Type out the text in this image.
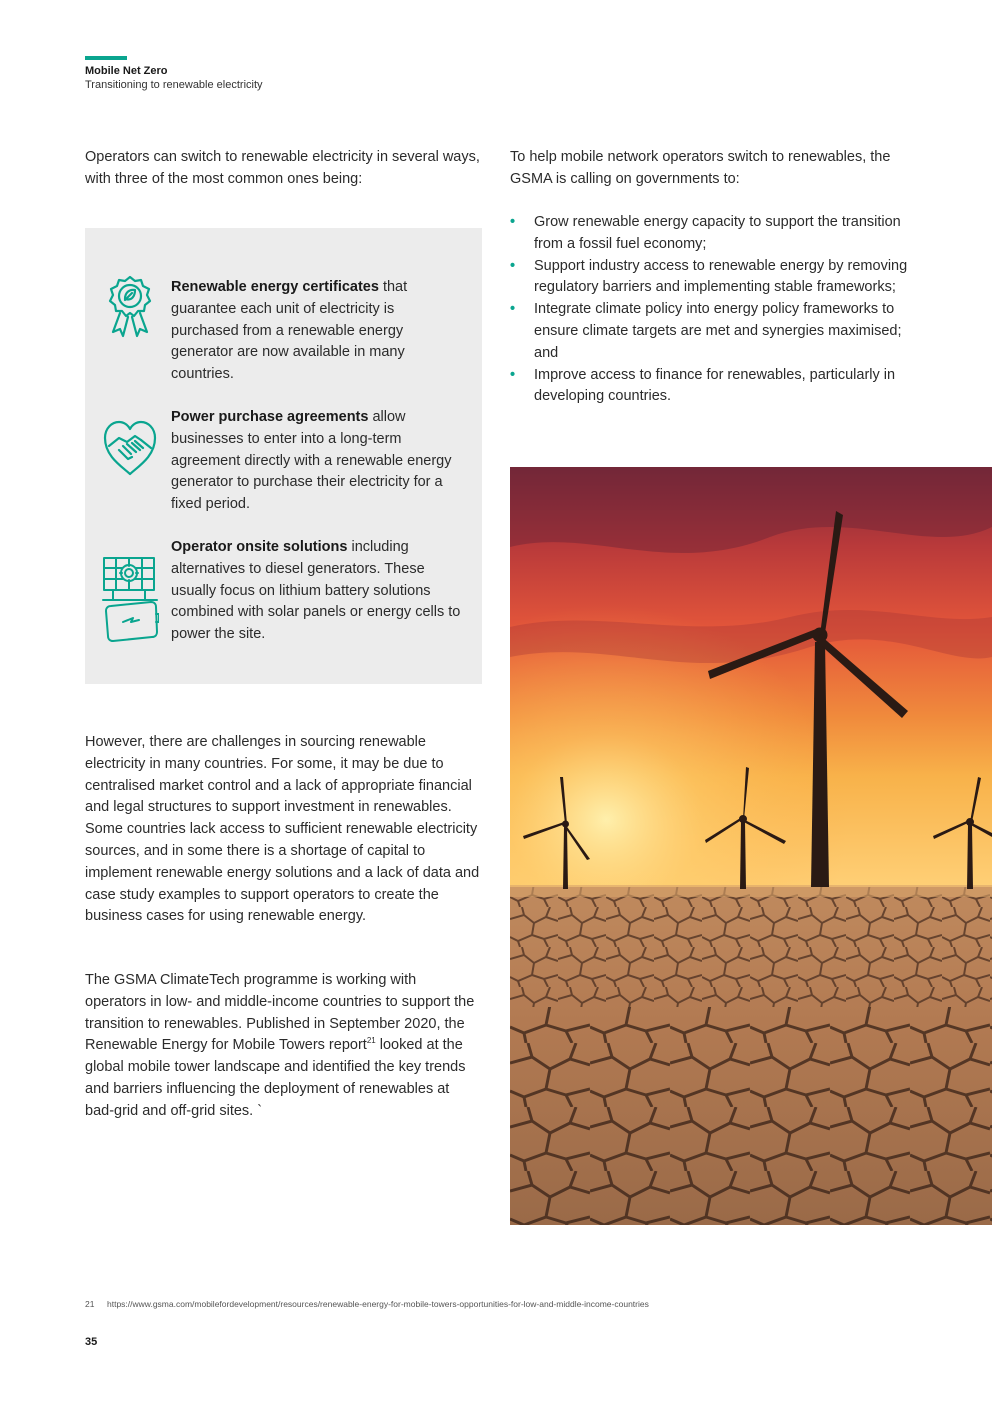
Mobile Net Zero
Transitioning to renewable electricity

Operators can switch to renewable electricity in several ways, with three of the most common ones being:

Renewable energy certificates that guarantee each unit of electricity is purchased from a renewable energy generator are now available in many countries.

Power purchase agreements allow businesses to enter into a long-term agreement directly with a renewable energy generator to purchase their electricity for a fixed period.

Operator onsite solutions including alternatives to diesel generators. These usually focus on lithium battery solutions combined with solar panels or energy cells to power the site.

To help mobile network operators switch to renewables, the GSMA is calling on governments to:

• Grow renewable energy capacity to support the transition from a fossil fuel economy;
• Support industry access to renewable energy by removing regulatory barriers and implementing stable frameworks;
• Integrate climate policy into energy policy frameworks to ensure climate targets are met and synergies maximised; and
• Improve access to finance for renewables, particularly in developing countries.

However, there are challenges in sourcing renewable electricity in many countries. For some, it may be due to centralised market control and a lack of appropriate financial and legal structures to support investment in renewables. Some countries lack access to sufficient renewable electricity sources, and in some there is a shortage of capital to implement renewable energy solutions and a lack of data and case study examples to support operators to create the business cases for using renewable energy.

The GSMA ClimateTech programme is working with operators in low- and middle-income countries to support the transition to renewables. Published in September 2020, the Renewable Energy for Mobile Towers report$^{21}$ looked at the global mobile tower landscape and identified the key trends and barriers influencing the deployment of renewables at bad-grid and off-grid sites. `

21 https://www.gsma.com/mobilefordevelopment/resources/renewable-energy-for-mobile-towers-opportunities-for-low-and-middle-income-countries
35
